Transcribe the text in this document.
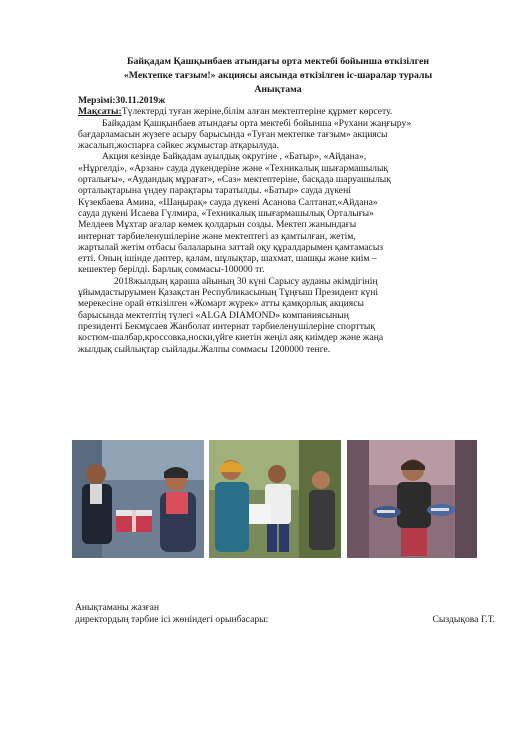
Байқадам Қашқынбаев атындағы орта мектебі бойынша өткізілген
«Мектепке тағзым!» акциясы аясында өткізілген іс-шаралар туралы
Анықтама
Мерзімі:30.11.2019ж
Мақсаты:Түлектерді туған жеріне,білім алған мектептеріне құрмет көрсету.
Байқадам Қашқынбаев атындағы орта мектебі бойынша «Рухани жаңғыру»
бағдарламасын жүзеге асыру барысында «Туған мектепке тағзым» акциясы
жасалып,жоспарға сәйкес жұмыстар атқарылуда.
Акция кезінде Байқадам ауылдық округіне , «Батыр», «Айдана»,
«Нұргелді», «Арзан» сауда дүкендеріне және «Техникалық шығармашылық
орталығы», «Аудандық мұрағат», «Саз» мектептеріне, басқада шаруашылық
орталықтарына үндеу парақтары таратылды. «Батыр» сауда дүкені
Күзекбаева Амина, «Шаңырақ» сауда дүкені Асанова Салтанат,«Айдана»
сауда дүкені Исаева Гүлмира, «Техникалық шығармашылық Орталығы»
Мелдеев Мұхтар ағалар көмек қолдарын созды. Мектеп жанындағы
интернат тәрбиеленушілеріне және мектептегі аз қамтылған, жетім,
жартылай жетім отбасы балаларына заттай оқу құралдарымен қамтамасыз
етті. Оның ішінде дәптер, қалам, шұлықтар, шахмат, шашқы және киім –
кешектер берілді. Барлық соммасы-100000 тг.
2018жылдың қараша айының 30 күні Сарысу ауданы әкімдігінің
ұйымдастыруымен Қазақстан Республикасының Тұңғыш Президент күні
мерекесіне орай өткізілген «Жомарт жүрек» атты қамқорлық акциясы
барысында мектептің түлегі «ALGA DIAMOND» компаниясының
президенті Бекмұсаев Жанболат интернат тәрбиеленушілеріне спорттық
костюм-шалбар,кроссовка,носки,үйге киетін жеңіл аяқ киімдер және жаңа
жылдық сыйлықтар сыйлады.Жалпы соммасы 1200000 тенге.
Анықтаманы жазған
директордың тәрбие ісі жөніндегі орынбасары:	Сыздықова Г.Т.
